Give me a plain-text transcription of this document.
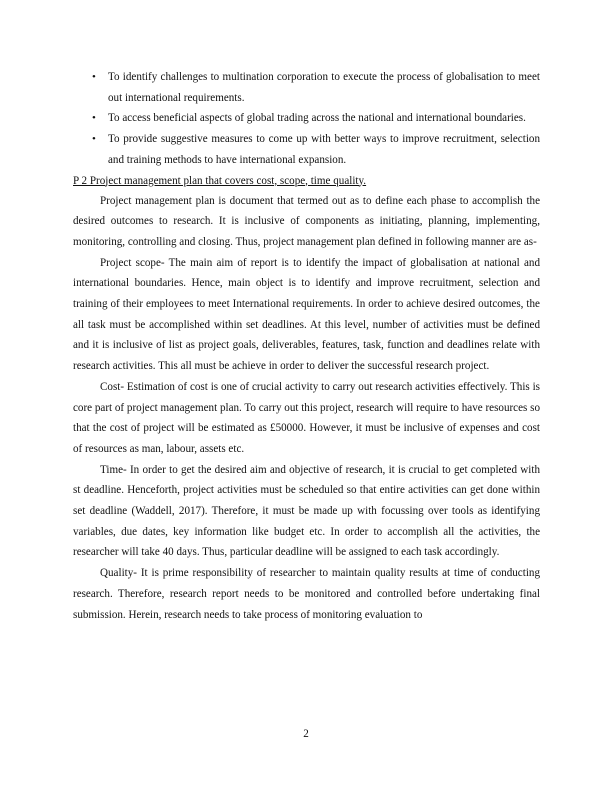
• To identify challenges to multination corporation to execute the process of globalisation to meet out international requirements.
• To access beneficial aspects of global trading across the national and international boundaries.
• To provide suggestive measures to come up with better ways to improve recruitment, selection and training methods to have international expansion.
P 2 Project management plan that covers cost, scope, time quality.

Project management plan is document that termed out as to define each phase to accomplish the desired outcomes to research. It is inclusive of components as initiating, planning, implementing, monitoring, controlling and closing. Thus, project management plan defined in following manner are as-

Project scope- The main aim of report is to identify the impact of globalisation at national and international boundaries. Hence, main object is to identify and improve recruitment, selection and training of their employees to meet International requirements. In order to achieve desired outcomes, the all task must be accomplished within set deadlines. At this level, number of activities must be defined and it is inclusive of list as project goals, deliverables, features, task, function and deadlines relate with research activities. This all must be achieve in order to deliver the successful research project.

Cost- Estimation of cost is one of crucial activity to carry out research activities effectively. This is core part of project management plan. To carry out this project, research will require to have resources so that the cost of project will be estimated as £50000. However, it must be inclusive of expenses and cost of resources as man, labour, assets etc.

Time- In order to get the desired aim and objective of research, it is crucial to get completed with st deadline. Henceforth, project activities must be scheduled so that entire activities can get done within set deadline (Waddell, 2017). Therefore, it must be made up with focussing over tools as identifying variables, due dates, key information like budget etc. In order to accomplish all the activities, the researcher will take 40 days. Thus, particular deadline will be assigned to each task accordingly.

Quality- It is prime responsibility of researcher to maintain quality results at time of conducting research. Therefore, research report needs to be monitored and controlled before undertaking final submission. Herein, research needs to take process of monitoring evaluation to

2
